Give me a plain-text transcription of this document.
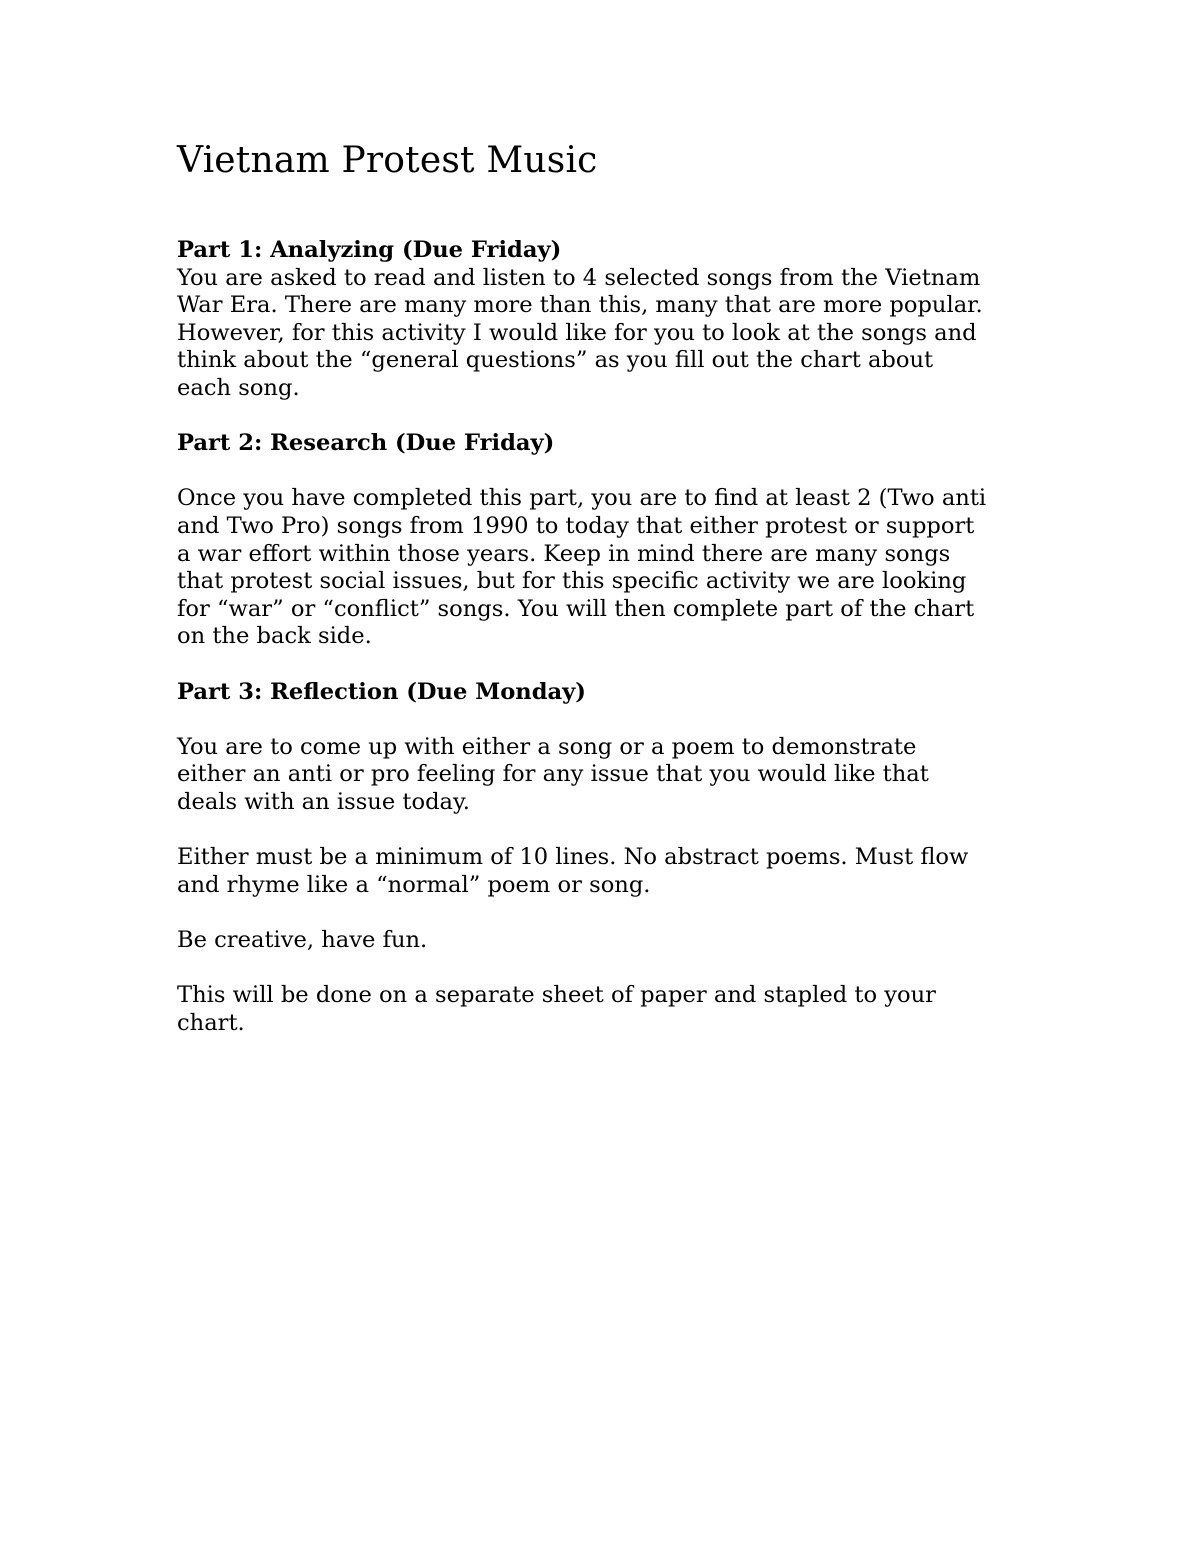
Vietnam Protest Music
Part 1: Analyzing (Due Friday)
You are asked to read and listen to 4 selected songs from the Vietnam
War Era. There are many more than this, many that are more popular.
However, for this activity I would like for you to look at the songs and
think about the “general questions” as you fill out the chart about
each song.
Part 2: Research (Due Friday)
Once you have completed this part, you are to find at least 2 (Two anti
and Two Pro) songs from 1990 to today that either protest or support
a war effort within those years. Keep in mind there are many songs
that protest social issues, but for this specific activity we are looking
for “war” or “conflict” songs. You will then complete part of the chart
on the back side.
Part 3: Reflection (Due Monday)
You are to come up with either a song or a poem to demonstrate
either an anti or pro feeling for any issue that you would like that
deals with an issue today.
Either must be a minimum of 10 lines. No abstract poems. Must flow
and rhyme like a “normal” poem or song.
Be creative, have fun.
This will be done on a separate sheet of paper and stapled to your
chart.
